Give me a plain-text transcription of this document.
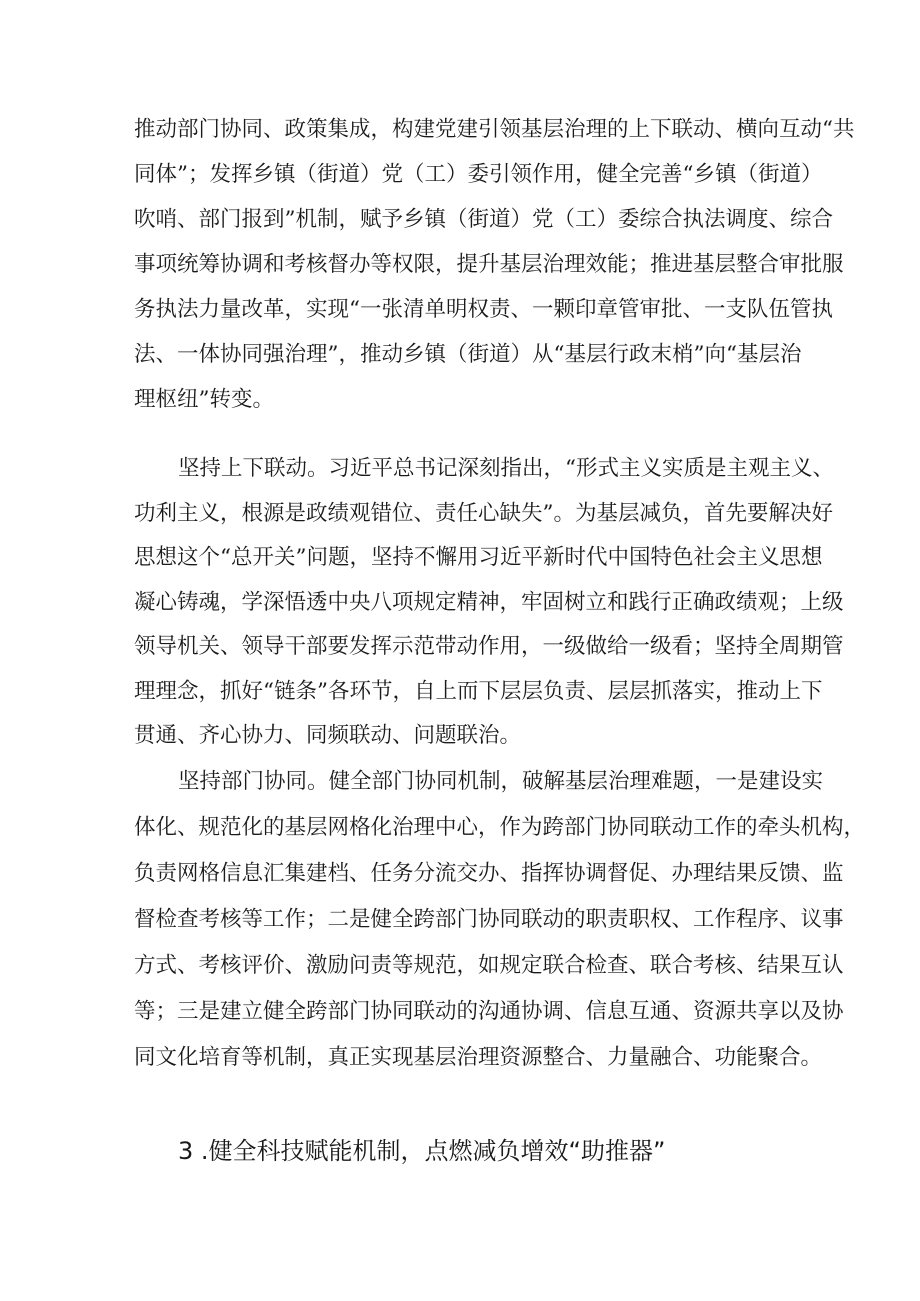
推动部门协同、政策集成，构建党建引领基层治理的上下联动、横向互动“共
同体”；发挥乡镇（街道）党（工）委引领作用，健全完善“乡镇（街道）
吹哨、部门报到”机制，赋予乡镇（街道）党（工）委综合执法调度、综合
事项统筹协调和考核督办等权限，提升基层治理效能；推进基层整合审批服
务执法力量改革，实现“一张清单明权责、一颗印章管审批、一支队伍管执
法、一体协同强治理”，推动乡镇（街道）从“基层行政末梢”向“基层治
理枢纽”转变。
坚持上下联动。习近平总书记深刻指出，“形式主义实质是主观主义、
功利主义，根源是政绩观错位、责任心缺失”。为基层减负，首先要解决好
思想这个“总开关”问题，坚持不懈用习近平新时代中国特色社会主义思想
凝心铸魂，学深悟透中央八项规定精神，牢固树立和践行正确政绩观；上级
领导机关、领导干部要发挥示范带动作用，一级做给一级看；坚持全周期管
理理念，抓好“链条”各环节，自上而下层层负责、层层抓落实，推动上下
贯通、齐心协力、同频联动、问题联治。
坚持部门协同。健全部门协同机制，破解基层治理难题，一是建设实
体化、规范化的基层网格化治理中心，作为跨部门协同联动工作的牵头机构，
负责网格信息汇集建档、任务分流交办、指挥协调督促、办理结果反馈、监
督检查考核等工作；二是健全跨部门协同联动的职责职权、工作程序、议事
方式、考核评价、激励问责等规范，如规定联合检查、联合考核、结果互认
等；三是建立健全跨部门协同联动的沟通协调、信息互通、资源共享以及协
同文化培育等机制，真正实现基层治理资源整合、力量融合、功能聚合。
3 .健全科技赋能机制，点燃减负增效“助推器”
